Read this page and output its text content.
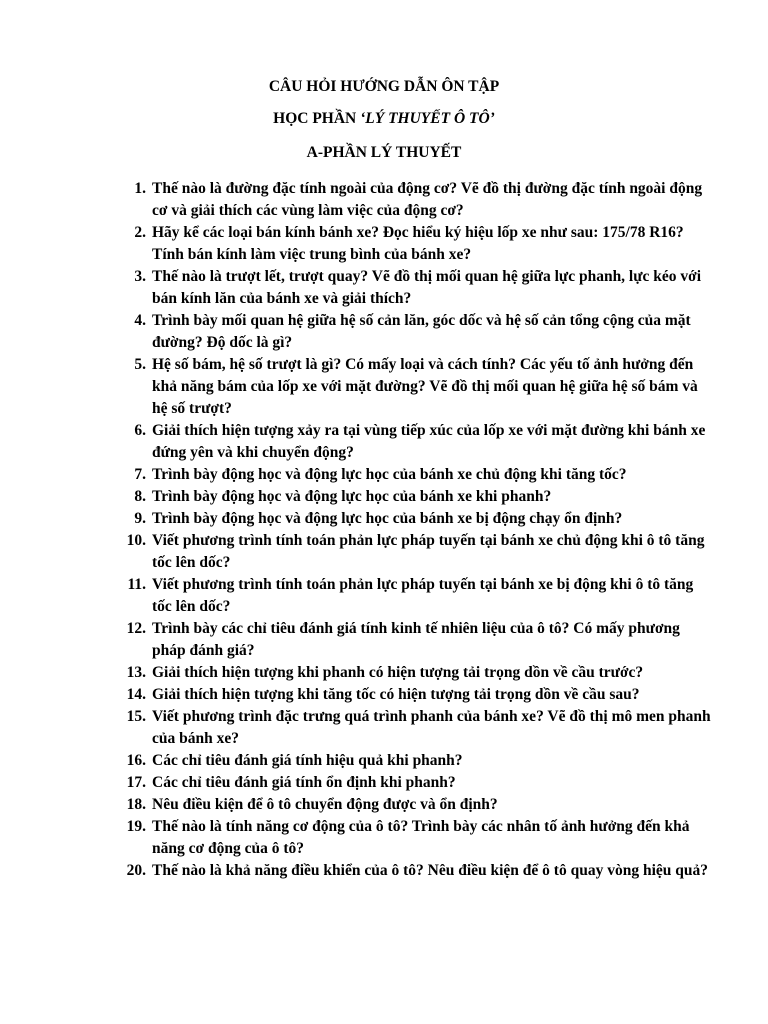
CÂU HỎI HƯỚNG DẪN ÔN TẬP
HỌC PHẦN ‘LÝ THUYẾT Ô TÔ’
A-PHẦN LÝ THUYẾT
1. Thế nào là đường đặc tính ngoài của động cơ? Vẽ đồ thị đường đặc tính ngoài động cơ và giải thích các vùng làm việc của động cơ?
2. Hãy kể các loại bán kính bánh xe? Đọc hiểu ký hiệu lốp xe như sau: 175/78 R16? Tính bán kính làm việc trung bình của bánh xe?
3. Thế nào là trượt lết, trượt quay? Vẽ đồ thị mối quan hệ giữa lực phanh, lực kéo với bán kính lăn của bánh xe và giải thích?
4. Trình bày mối quan hệ giữa hệ số cản lăn, góc dốc và hệ số cản tổng cộng của mặt đường? Độ dốc là gì?
5. Hệ số bám, hệ số trượt là gì? Có mấy loại và cách tính? Các yếu tố ảnh hưởng đến khả năng bám của lốp xe với mặt đường? Vẽ đồ thị mối quan hệ giữa hệ số bám và hệ số trượt?
6. Giải thích hiện tượng xảy ra tại vùng tiếp xúc của lốp xe với mặt đường khi bánh xe đứng yên và khi chuyển động?
7. Trình bày động học và động lực học của bánh xe chủ động khi tăng tốc?
8. Trình bày động học và động lực học của bánh xe khi phanh?
9. Trình bày động học và động lực học của bánh xe bị động chạy ổn định?
10. Viết phương trình tính toán phản lực pháp tuyến tại bánh xe chủ động khi ô tô tăng tốc lên dốc?
11. Viết phương trình tính toán phản lực pháp tuyến tại bánh xe bị động khi ô tô tăng tốc lên dốc?
12. Trình bày các chỉ tiêu đánh giá tính kinh tế nhiên liệu của ô tô? Có mấy phương pháp đánh giá?
13. Giải thích hiện tượng khi phanh có hiện tượng tải trọng dồn về cầu trước?
14. Giải thích hiện tượng khi tăng tốc có hiện tượng tải trọng dồn về cầu sau?
15. Viết phương trình đặc trưng quá trình phanh của bánh xe? Vẽ đồ thị mô men phanh của bánh xe?
16. Các chỉ tiêu đánh giá tính hiệu quả khi phanh?
17. Các chỉ tiêu đánh giá tính ổn định khi phanh?
18. Nêu điều kiện để ô tô chuyển động được và ổn định?
19. Thế nào là tính năng cơ động của ô tô? Trình bày các nhân tố ảnh hưởng đến khả năng cơ động của ô tô?
20. Thế nào là khả năng điều khiển của ô tô? Nêu điều kiện để ô tô quay vòng hiệu quả?
